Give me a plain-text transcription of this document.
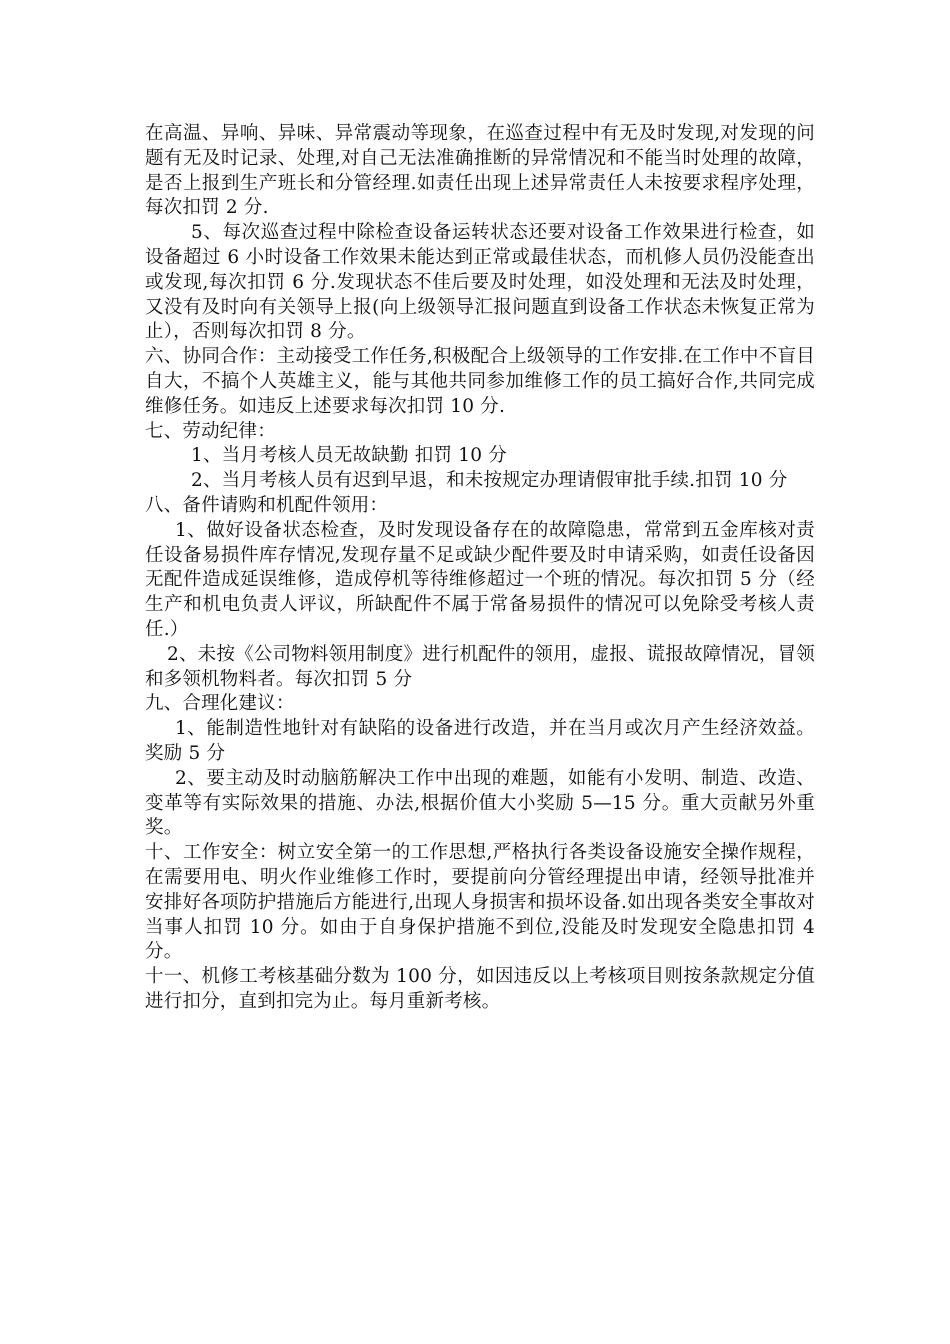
在高温、异响、异味、异常震动等现象，在巡查过程中有无及时发现,对发现的问题有无及时记录、处理,对自己无法准确推断的异常情况和不能当时处理的故障，是否上报到生产班长和分管经理.如责任出现上述异常责任人未按要求程序处理，每次扣罚 2 分.

5、每次巡查过程中除检查设备运转状态还要对设备工作效果进行检查，如设备超过 6 小时设备工作效果未能达到正常或最佳状态，而机修人员仍没能查出或发现,每次扣罚 6 分.发现状态不佳后要及时处理，如没处理和无法及时处理，又没有及时向有关领导上报(向上级领导汇报问题直到设备工作状态未恢复正常为止），否则每次扣罚 8 分。

六、协同合作：主动接受工作任务,积极配合上级领导的工作安排.在工作中不盲目自大，不搞个人英雄主义，能与其他共同参加维修工作的员工搞好合作,共同完成维修任务。如违反上述要求每次扣罚 10 分.

七、劳动纪律：

1、当月考核人员无故缺勤 扣罚 10 分

2、当月考核人员有迟到早退，和未按规定办理请假审批手续.扣罚 10 分

八、备件请购和机配件领用：

1、做好设备状态检查，及时发现设备存在的故障隐患，常常到五金库核对责任设备易损件库存情况,发现存量不足或缺少配件要及时申请采购，如责任设备因无配件造成延误维修，造成停机等待维修超过一个班的情况。每次扣罚 5 分（经生产和机电负责人评议，所缺配件不属于常备易损件的情况可以免除受考核人责任.）

2、未按《公司物料领用制度》进行机配件的领用，虚报、谎报故障情况，冒领和多领机物料者。每次扣罚 5 分

九、合理化建议：

1、能制造性地针对有缺陷的设备进行改造，并在当月或次月产生经济效益。奖励 5 分

2、要主动及时动脑筋解决工作中出现的难题，如能有小发明、制造、改造、变革等有实际效果的措施、办法,根据价值大小奖励 5—15 分。重大贡献另外重奖。

十、工作安全：树立安全第一的工作思想,严格执行各类设备设施安全操作规程，在需要用电、明火作业维修工作时，要提前向分管经理提出申请，经领导批准并安排好各项防护措施后方能进行,出现人身损害和损坏设备.如出现各类安全事故对当事人扣罚 10 分。如由于自身保护措施不到位,没能及时发现安全隐患扣罚 4 分。

十一、机修工考核基础分数为 100 分，如因违反以上考核项目则按条款规定分值进行扣分，直到扣完为止。每月重新考核。
